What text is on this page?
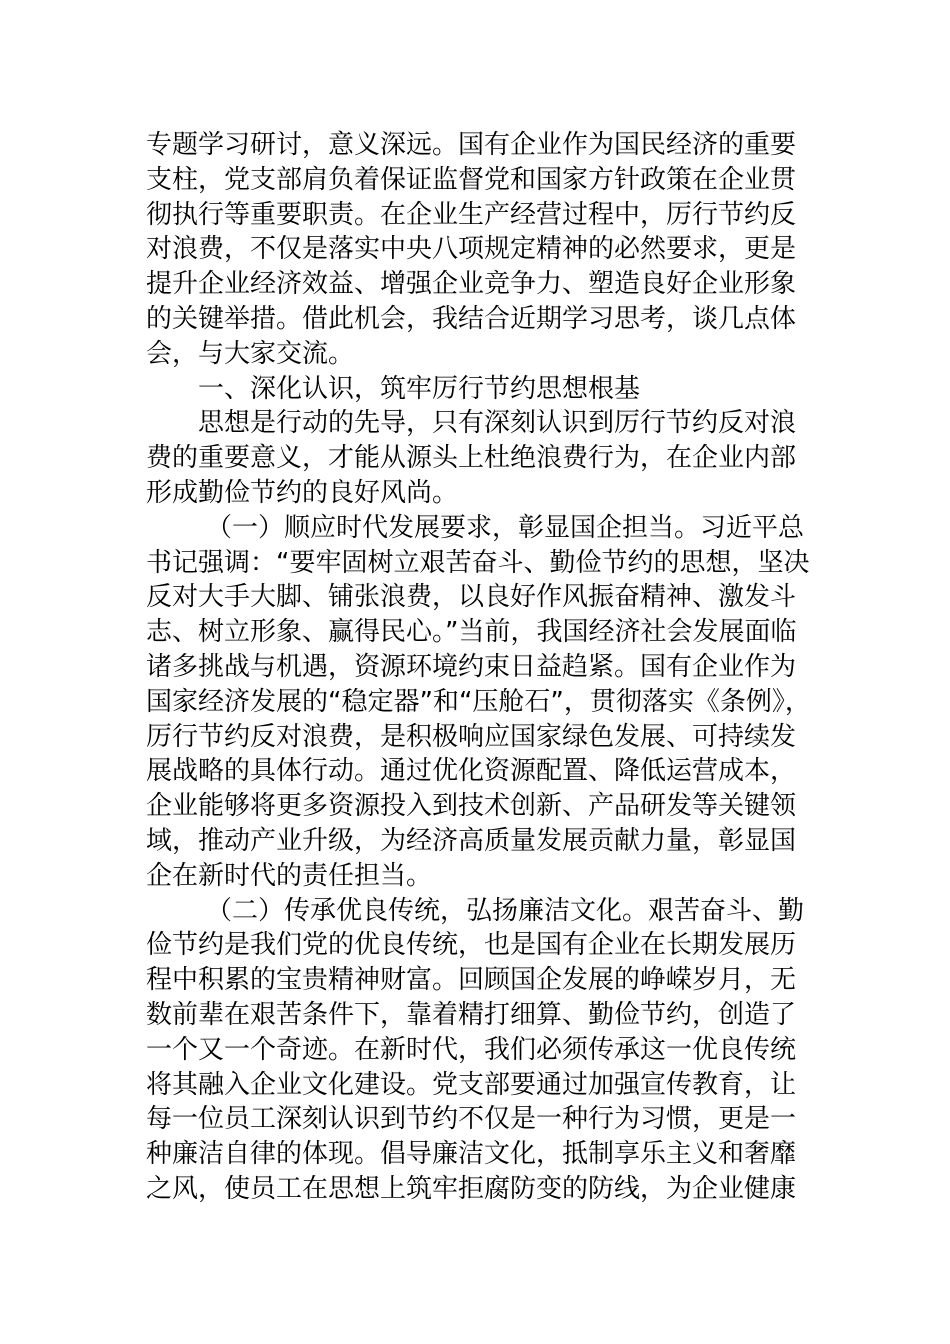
专题学习研讨，意义深远。国有企业作为国民经济的重要
支柱，党支部肩负着保证监督党和国家方针政策在企业贯
彻执行等重要职责。在企业生产经营过程中，厉行节约反
对浪费，不仅是落实中央八项规定精神的必然要求，更是
提升企业经济效益、增强企业竞争力、塑造良好企业形象
的关键举措。借此机会，我结合近期学习思考，谈几点体
会，与大家交流。
一、深化认识，筑牢厉行节约思想根基
思想是行动的先导，只有深刻认识到厉行节约反对浪
费的重要意义，才能从源头上杜绝浪费行为，在企业内部
形成勤俭节约的良好风尚。
（一）顺应时代发展要求，彰显国企担当。习近平总
书记强调：“要牢固树立艰苦奋斗、勤俭节约的思想，坚决
反对大手大脚、铺张浪费，以良好作风振奋精神、激发斗
志、树立形象、赢得民心。”当前，我国经济社会发展面临
诸多挑战与机遇，资源环境约束日益趋紧。国有企业作为
国家经济发展的“稳定器”和“压舱石”，贯彻落实《条例》，
厉行节约反对浪费，是积极响应国家绿色发展、可持续发
展战略的具体行动。通过优化资源配置、降低运营成本，
企业能够将更多资源投入到技术创新、产品研发等关键领
域，推动产业升级，为经济高质量发展贡献力量，彰显国
企在新时代的责任担当。
（二）传承优良传统，弘扬廉洁文化。艰苦奋斗、勤
俭节约是我们党的优良传统，也是国有企业在长期发展历
程中积累的宝贵精神财富。回顾国企发展的峥嵘岁月，无
数前辈在艰苦条件下，靠着精打细算、勤俭节约，创造了
一个又一个奇迹。在新时代，我们必须传承这一优良传统
将其融入企业文化建设。党支部要通过加强宣传教育，让
每一位员工深刻认识到节约不仅是一种行为习惯，更是一
种廉洁自律的体现。倡导廉洁文化，抵制享乐主义和奢靡
之风，使员工在思想上筑牢拒腐防变的防线，为企业健康
